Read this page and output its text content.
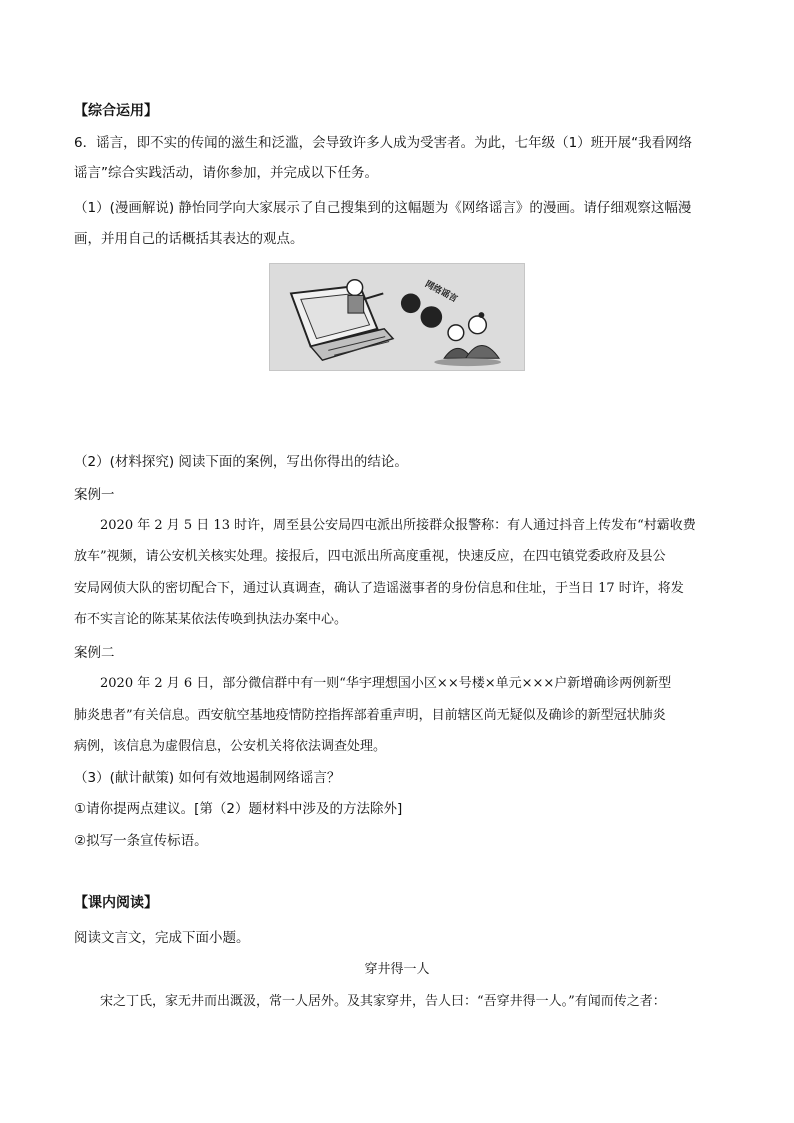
【综合运用】
6．谣言，即不实的传闻的滋生和泛滥，会导致许多人成为受害者。为此，七年级（1）班开展“我看网络
谣言”综合实践活动，请你参加，并完成以下任务。
（1）(漫画解说) 静怡同学向大家展示了自己搜集到的这幅题为《网络谣言》的漫画。请仔细观察这幅漫
画，并用自己的话概括其表达的观点。
网络谣言
（2）(材料探究) 阅读下面的案例，写出你得出的结论。
案例一
2020 年 2 月 5 日 13 时许，周至县公安局四屯派出所接群众报警称：有人通过抖音上传发布“村霸收费
放车”视频，请公安机关核实处理。接报后，四屯派出所高度重视，快速反应，在四屯镇党委政府及县公
安局网侦大队的密切配合下，通过认真调查，确认了造谣滋事者的身份信息和住址，于当日 17 时许，将发
布不实言论的陈某某依法传唤到执法办案中心。
案例二
2020 年 2 月 6 日，部分微信群中有一则“华宇理想国小区××号楼×单元×××户新增确诊两例新型
肺炎患者”有关信息。西安航空基地疫情防控指挥部着重声明，目前辖区尚无疑似及确诊的新型冠状肺炎
病例，该信息为虚假信息，公安机关将依法调查处理。
（3）(献计献策) 如何有效地遏制网络谣言？
①请你提两点建议。[第（2）题材料中涉及的方法除外]
②拟写一条宣传标语。
【课内阅读】
阅读文言文，完成下面小题。
穿井得一人
宋之丁氏，家无井而出溉汲，常一人居外。及其家穿井，告人曰：“吾穿井得一人。”有闻而传之者：
